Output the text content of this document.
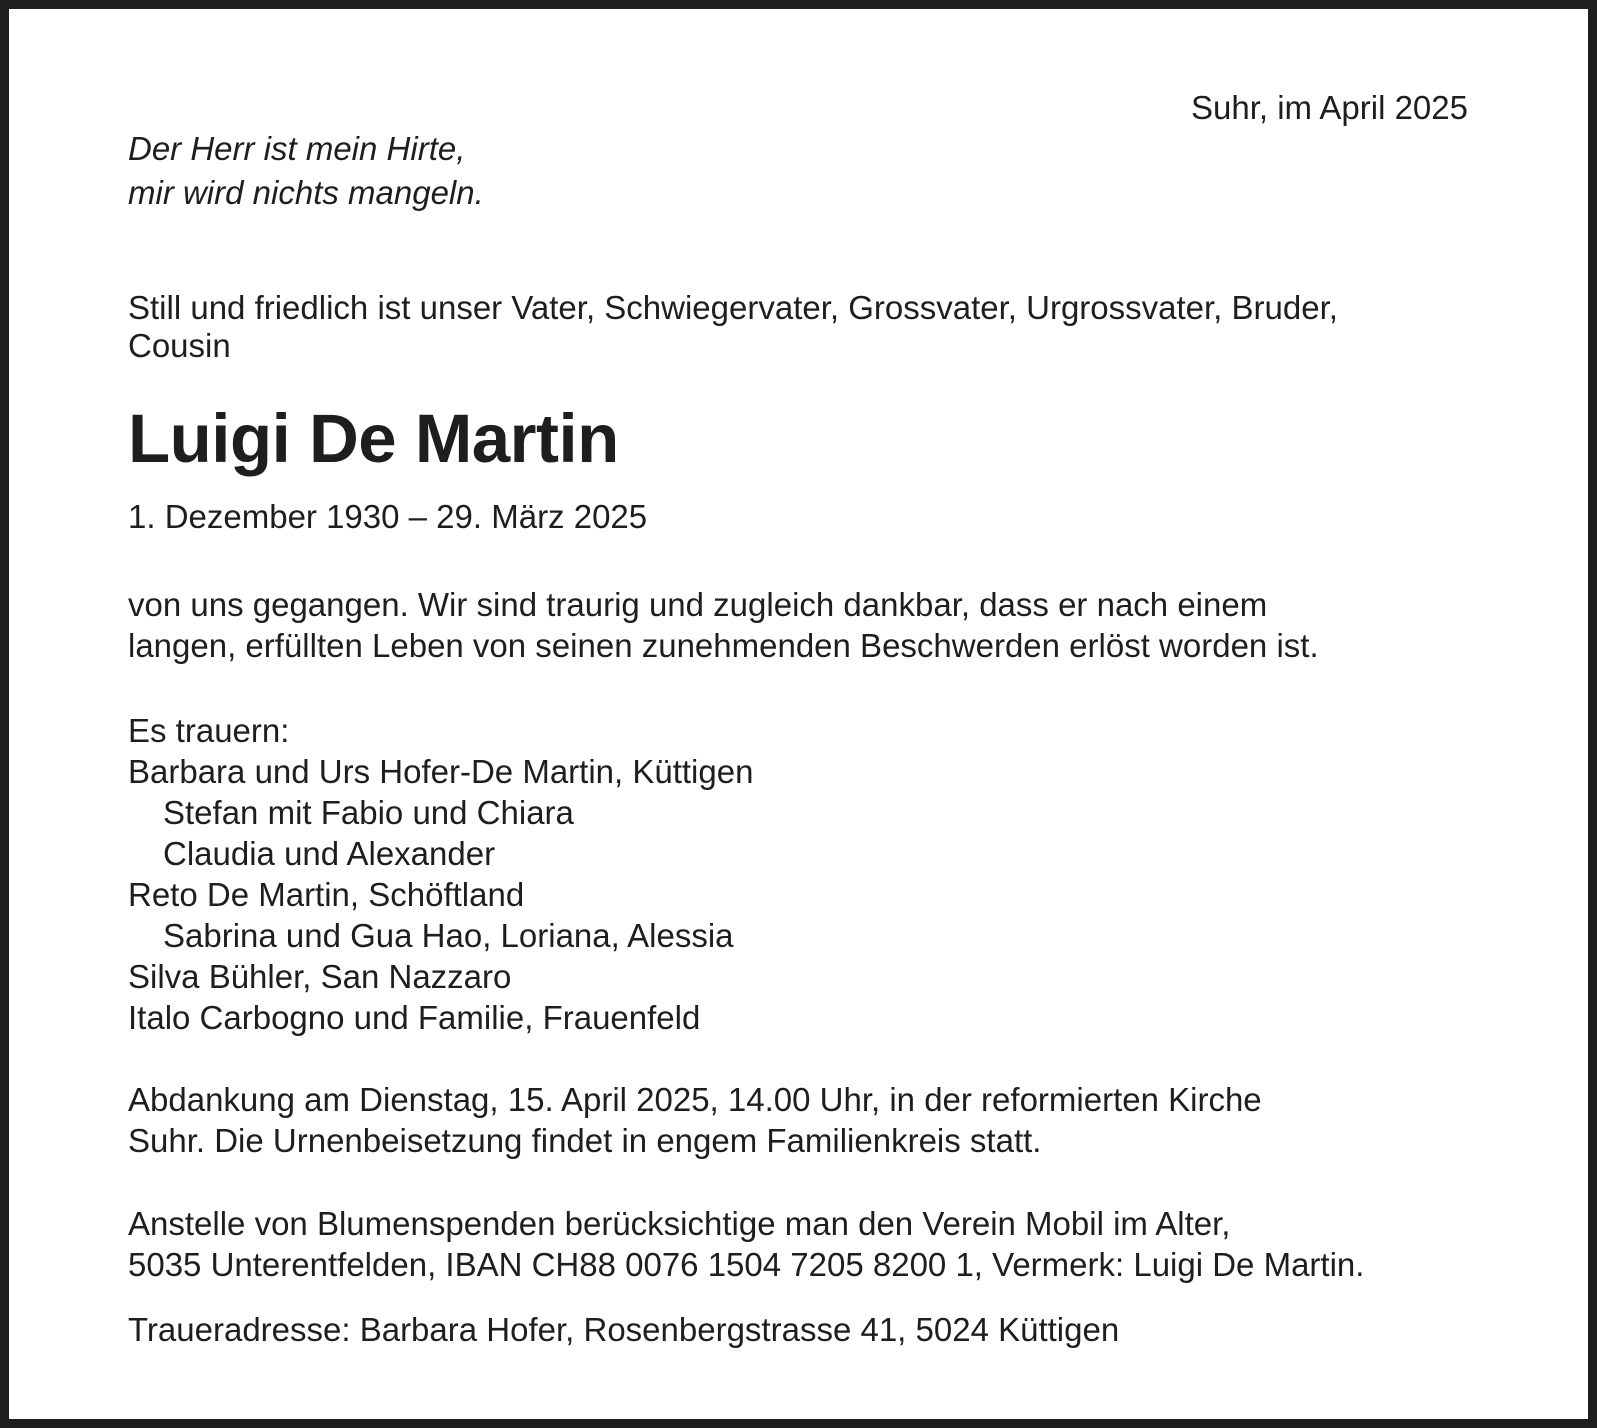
Suhr, im April 2025
Der Herr ist mein Hirte,
mir wird nichts mangeln.
Still und friedlich ist unser Vater, Schwiegervater, Grossvater, Urgrossvater, Bruder,
Cousin
Luigi De Martin
1. Dezember 1930 – 29. März 2025
von uns gegangen. Wir sind traurig und zugleich dankbar, dass er nach einem
langen, erfüllten Leben von seinen zunehmenden Beschwerden erlöst worden ist.
Es trauern:
Barbara und Urs Hofer-De Martin, Küttigen
Stefan mit Fabio und Chiara
Claudia und Alexander
Reto De Martin, Schöftland
Sabrina und Gua Hao, Loriana, Alessia
Silva Bühler, San Nazzaro
Italo Carbogno und Familie, Frauenfeld
Abdankung am Dienstag, 15. April 2025, 14.00 Uhr, in der reformierten Kirche
Suhr. Die Urnenbeisetzung findet in engem Familienkreis statt.
Anstelle von Blumenspenden berücksichtige man den Verein Mobil im Alter,
5035 Unterentfelden, IBAN CH88 0076 1504 7205 8200 1, Vermerk: Luigi De Martin.
Traueradresse: Barbara Hofer, Rosenbergstrasse 41, 5024 Küttigen
